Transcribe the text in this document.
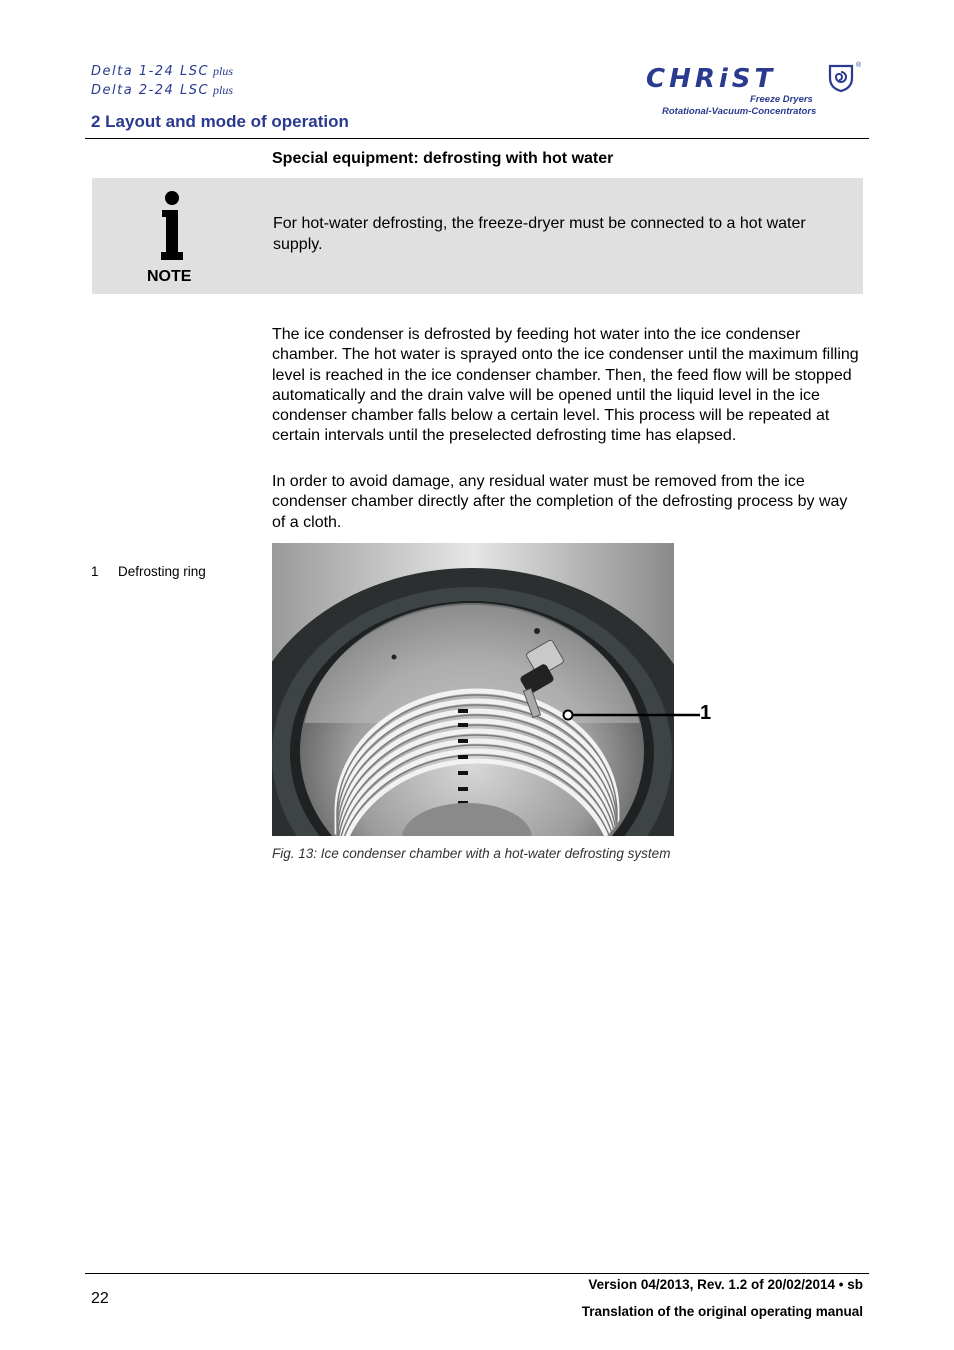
Delta 1-24 LSC plus
Delta 2-24 LSC plus
2 Layout and mode of operation
CHRiST	®
Freeze Dryers
Rotational-Vacuum-Concentrators
Special equipment: defrosting with hot water
NOTE
For hot-water defrosting, the freeze-dryer must be connected to a hot water supply.
The ice condenser is defrosted by feeding hot water into the ice condenser chamber. The hot water is sprayed onto the ice condenser until the maximum filling level is reached in the ice condenser chamber. Then, the feed flow will be stopped automatically and the drain valve will be opened until the liquid level in the ice condenser chamber falls below a certain level. This process will be repeated at certain intervals until the preselected defrosting time has elapsed.
In order to avoid damage, any residual water must be removed from the ice condenser chamber directly after the completion of the defrosting process by way of a cloth.
1 Defrosting ring
1
Fig. 13: Ice condenser chamber with a hot-water defrosting system
22
Version 04/2013, Rev. 1.2 of 20/02/2014 • sb
Translation of the original operating manual
